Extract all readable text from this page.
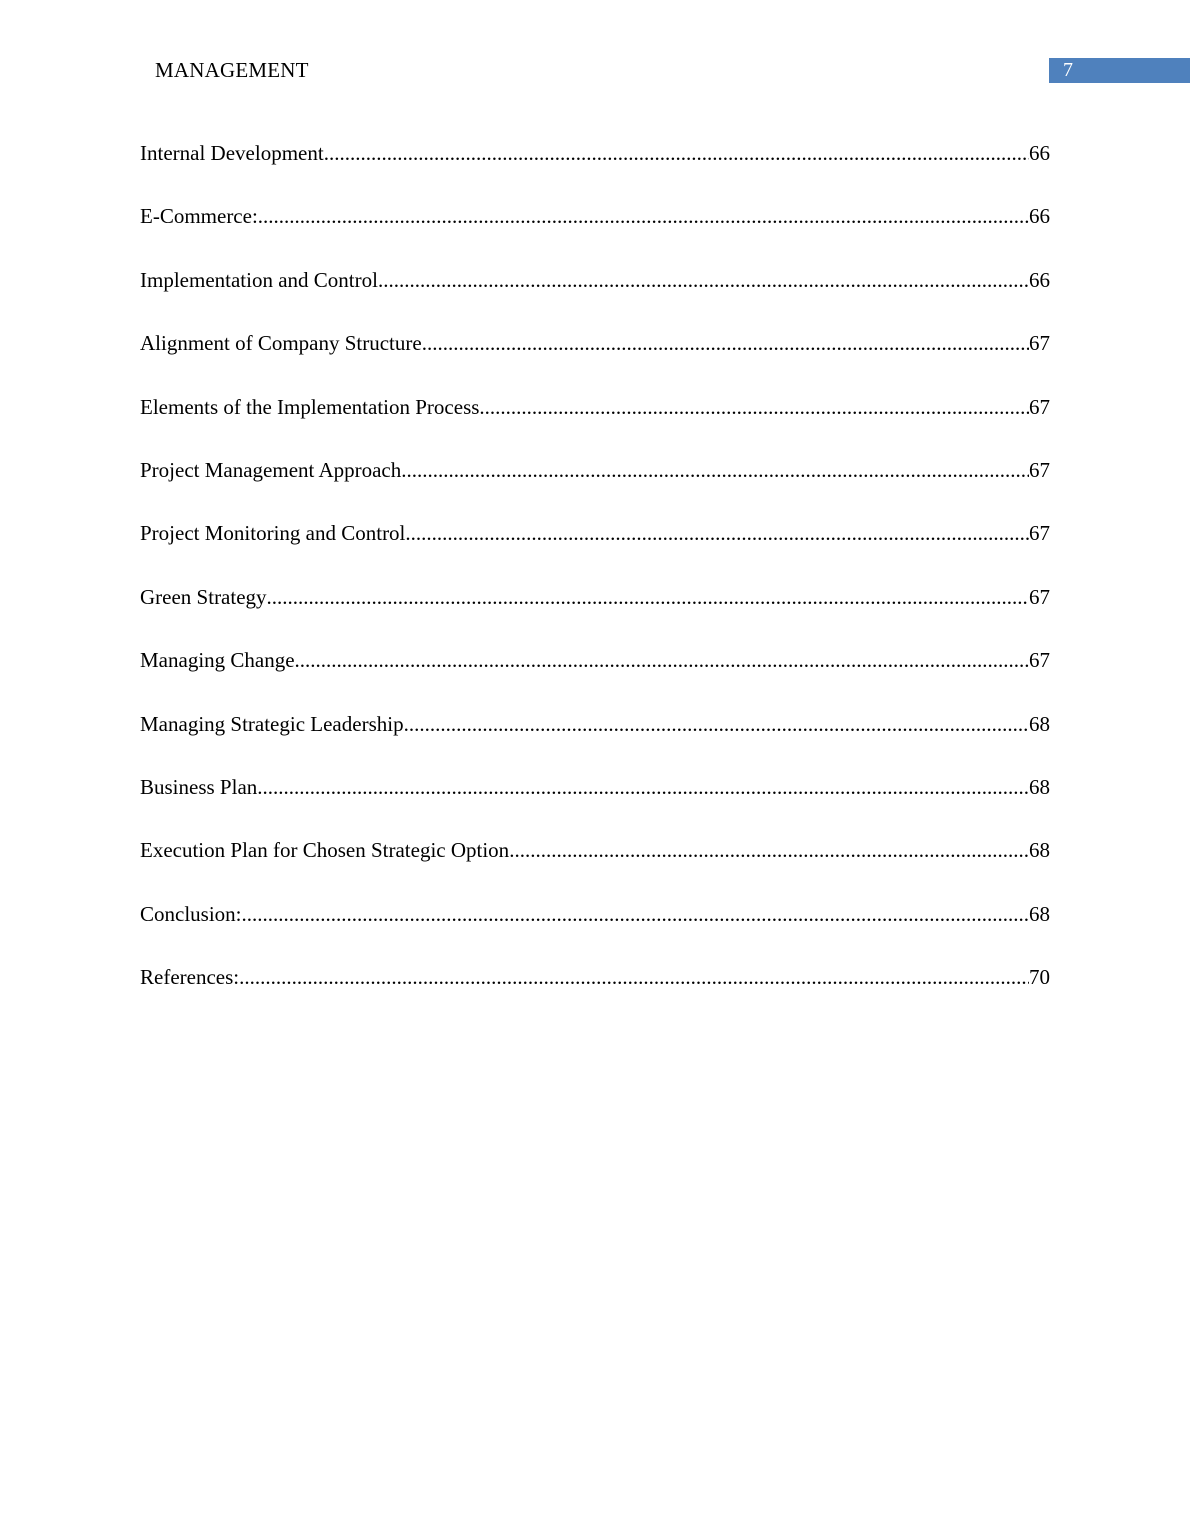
MANAGEMENT	7
Internal Development .....	66
E-Commerce: .....	66
Implementation and Control .....	66
Alignment of Company Structure .....	67
Elements of the Implementation Process .....	67
Project Management Approach .....	67
Project Monitoring and Control .....	67
Green Strategy .....	67
Managing Change .....	67
Managing Strategic Leadership .....	68
Business Plan .....	68
Execution Plan for Chosen Strategic Option .....	68
Conclusion: .....	68
References: .....	70
